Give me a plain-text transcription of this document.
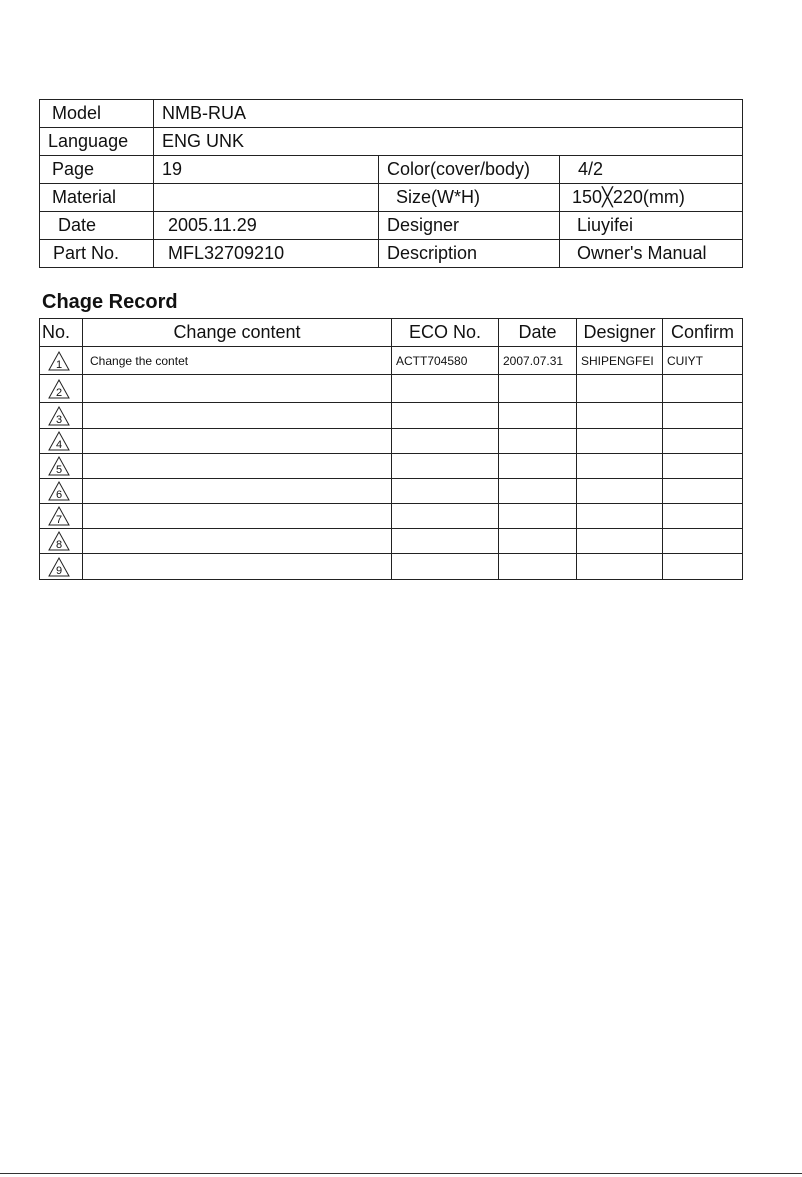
Model	NMB-RUA		
Language	ENG UNK		
Page	19	Color(cover/body)	4/2
Material		Size(W*H)	150╳220(mm)
Date	2005.11.29	Designer	Liuyifei
Part No.	MFL32709210	Description	Owner's Manual
Chage Record
No.	Change content	ECO No.	Date	Designer	Confirm

1	Change the contet	ACTT704580	2007.07.31	SHIPENGFEI	CUIYT

2					

3					

4					

5					

6					

7					

8					

9					
